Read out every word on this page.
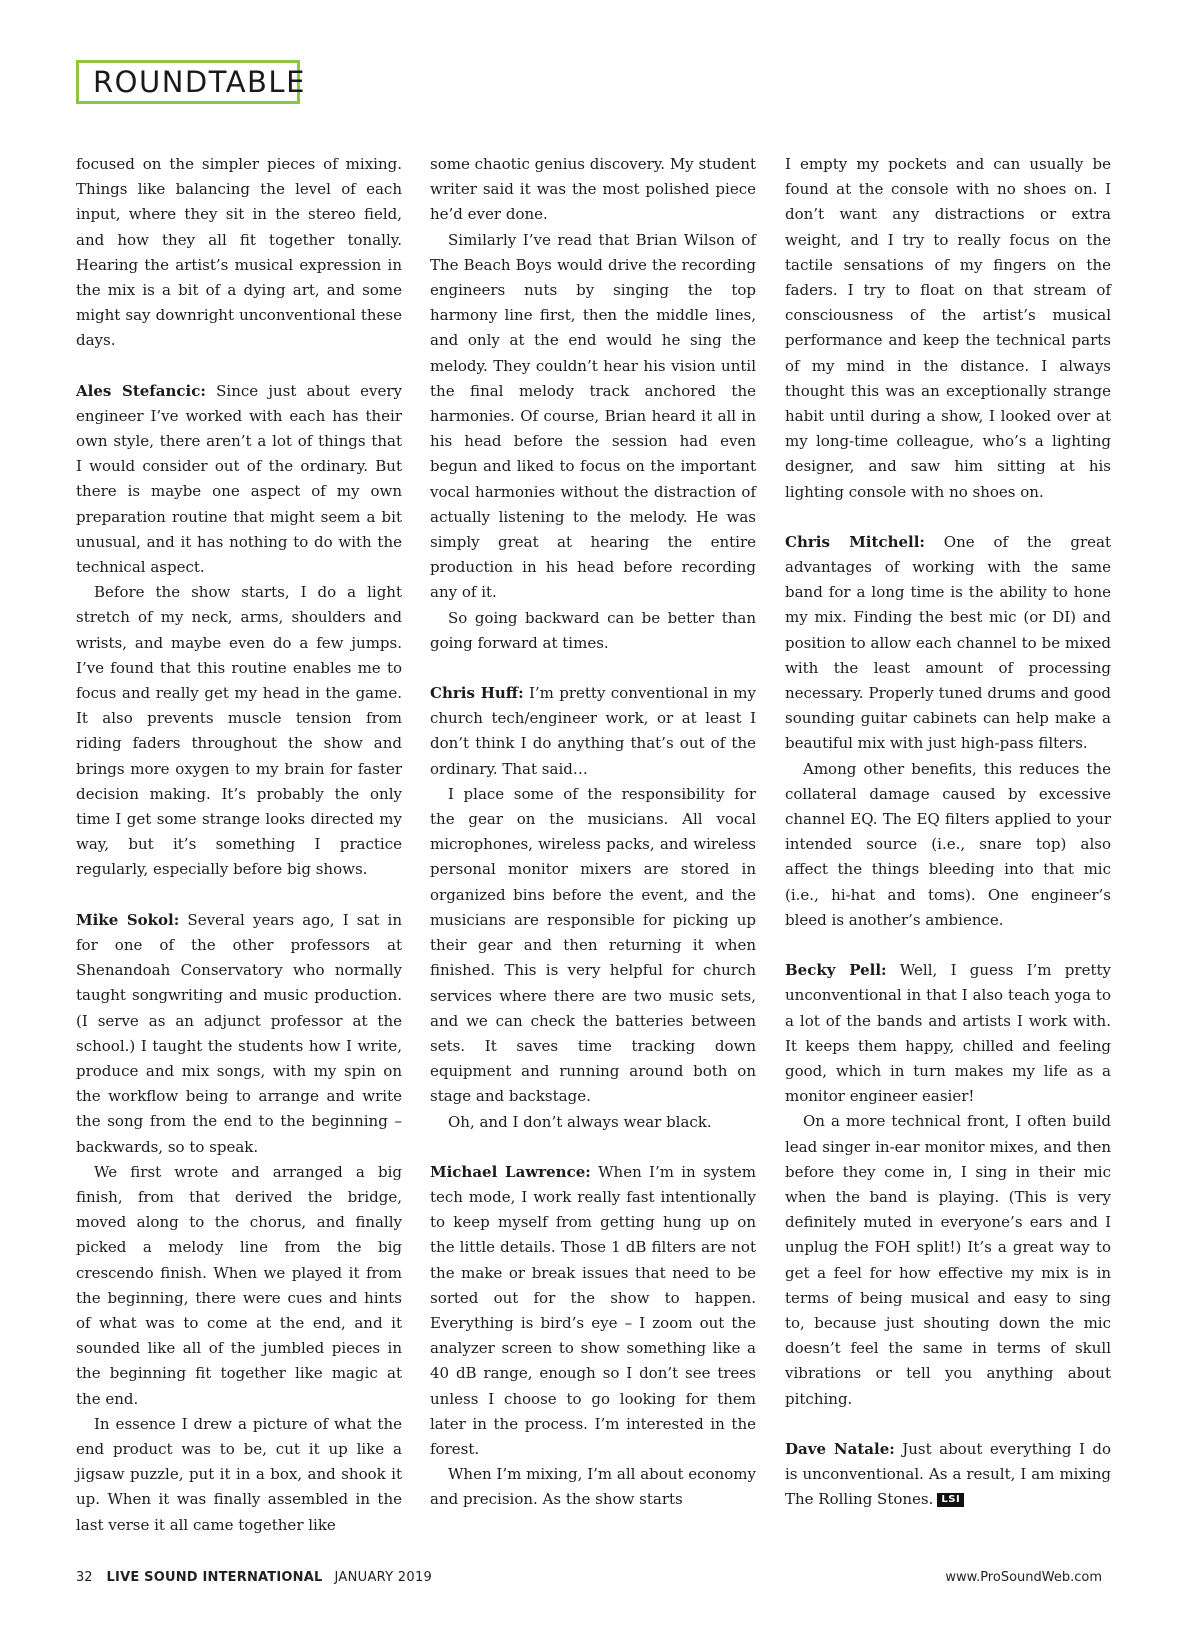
ROUNDTABLE

focused on the simpler pieces of mixing. Things like balancing the level of each input, where they sit in the stereo field, and how they all fit together tonally. Hearing the artist’s musical expression in the mix is a bit of a dying art, and some might say downright unconventional these days.

Ales Stefancic: Since just about every engineer I’ve worked with each has their own style, there aren’t a lot of things that I would consider out of the ordinary. But there is maybe one aspect of my own preparation routine that might seem a bit unusual, and it has nothing to do with the technical aspect.

Before the show starts, I do a light stretch of my neck, arms, shoulders and wrists, and maybe even do a few jumps. I’ve found that this routine enables me to focus and really get my head in the game. It also prevents muscle tension from riding faders throughout the show and brings more oxygen to my brain for faster decision making. It’s probably the only time I get some strange looks directed my way, but it’s something I practice regularly, especially before big shows.

Mike Sokol: Several years ago, I sat in for one of the other professors at Shenandoah Conservatory who normally taught songwriting and music production. (I serve as an adjunct professor at the school.) I taught the students how I write, produce and mix songs, with my spin on the workflow being to arrange and write the song from the end to the beginning – backwards, so to speak.

We first wrote and arranged a big finish, from that derived the bridge, moved along to the chorus, and finally picked a melody line from the big crescendo finish. When we played it from the beginning, there were cues and hints of what was to come at the end, and it sounded like all of the jumbled pieces in the beginning fit together like magic at the end.

In essence I drew a picture of what the end product was to be, cut it up like a jigsaw puzzle, put it in a box, and shook it up. When it was finally assembled in the last verse it all came together like

some chaotic genius discovery. My student writer said it was the most polished piece he’d ever done.

Similarly I’ve read that Brian Wilson of The Beach Boys would drive the recording engineers nuts by singing the top harmony line first, then the middle lines, and only at the end would he sing the melody. They couldn’t hear his vision until the final melody track anchored the harmonies. Of course, Brian heard it all in his head before the session had even begun and liked to focus on the important vocal harmonies without the distraction of actually listening to the melody. He was simply great at hearing the entire production in his head before recording any of it.

So going backward can be better than going forward at times.

Chris Huff: I’m pretty conventional in my church tech/engineer work, or at least I don’t think I do anything that’s out of the ordinary. That said…

I place some of the responsibility for the gear on the musicians. All vocal microphones, wireless packs, and wireless personal monitor mixers are stored in organized bins before the event, and the musicians are responsible for picking up their gear and then returning it when finished. This is very helpful for church services where there are two music sets, and we can check the batteries between sets. It saves time tracking down equipment and running around both on stage and backstage.

Oh, and I don’t always wear black.

Michael Lawrence: When I’m in system tech mode, I work really fast intentionally to keep myself from getting hung up on the little details. Those 1 dB filters are not the make or break issues that need to be sorted out for the show to happen. Everything is bird’s eye – I zoom out the analyzer screen to show something like a 40 dB range, enough so I don’t see trees unless I choose to go looking for them later in the process. I’m interested in the forest.

When I’m mixing, I’m all about economy and precision. As the show starts

I empty my pockets and can usually be found at the console with no shoes on. I don’t want any distractions or extra weight, and I try to really focus on the tactile sensations of my fingers on the faders. I try to float on that stream of consciousness of the artist’s musical performance and keep the technical parts of my mind in the distance. I always thought this was an exceptionally strange habit until during a show, I looked over at my long-time colleague, who’s a lighting designer, and saw him sitting at his lighting console with no shoes on.

Chris Mitchell: One of the great advantages of working with the same band for a long time is the ability to hone my mix. Finding the best mic (or DI) and position to allow each channel to be mixed with the least amount of processing necessary. Properly tuned drums and good sounding guitar cabinets can help make a beautiful mix with just high-pass filters.

Among other benefits, this reduces the collateral damage caused by excessive channel EQ. The EQ filters applied to your intended source (i.e., snare top) also affect the things bleeding into that mic (i.e., hi-hat and toms). One engineer’s bleed is another’s ambience.

Becky Pell: Well, I guess I’m pretty unconventional in that I also teach yoga to a lot of the bands and artists I work with. It keeps them happy, chilled and feeling good, which in turn makes my life as a monitor engineer easier!

On a more technical front, I often build lead singer in-ear monitor mixes, and then before they come in, I sing in their mic when the band is playing. (This is very definitely muted in everyone’s ears and I unplug the FOH split!) It’s a great way to get a feel for how effective my mix is in terms of being musical and easy to sing to, because just shouting down the mic doesn’t feel the same in terms of skull vibrations or tell you anything about pitching.

Dave Natale: Just about everything I do is unconventional. As a result, I am mixing The Rolling Stones. LSI

32 LIVE SOUND INTERNATIONAL JANUARY 2019	www.ProSoundWeb.com
